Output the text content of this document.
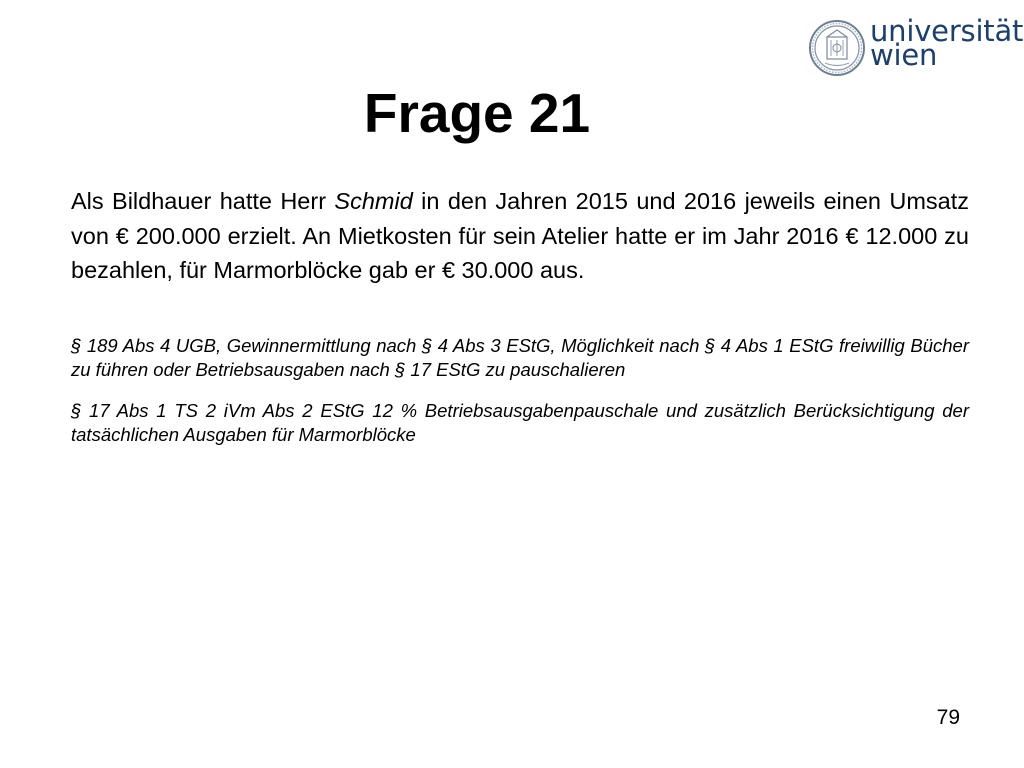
universität
wien
Frage 21

Als Bildhauer hatte Herr Schmid in den Jahren 2015 und 2016 jeweils einen Umsatz von € 200.000 erzielt. An Mietkosten für sein Atelier hatte er im Jahr 2016 € 12.000 zu bezahlen, für Marmorblöcke gab er € 30.000 aus.

§ 189 Abs 4 UGB, Gewinnermittlung nach § 4 Abs 3 EStG, Möglichkeit nach § 4 Abs 1 EStG freiwillig Bücher zu führen oder Betriebsausgaben nach § 17 EStG zu pauschalieren

§ 17 Abs 1 TS 2 iVm Abs 2 EStG 12 % Betriebsausgabenpauschale und zusätzlich Berücksichtigung der tatsächlichen Ausgaben für Marmorblöcke

79
